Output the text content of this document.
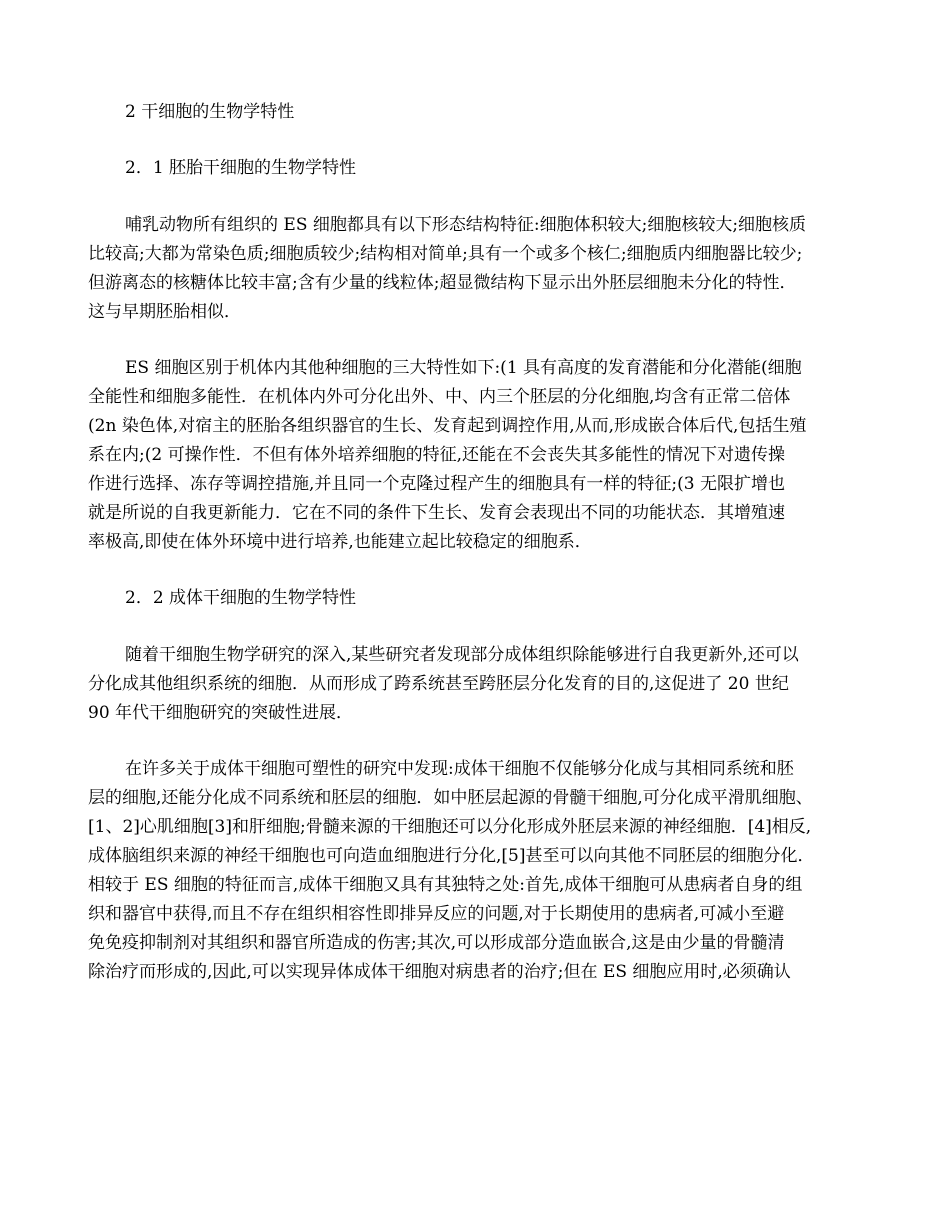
2 干细胞的生物学特性
2．1 胚胎干细胞的生物学特性
哺乳动物所有组织的 ES 细胞都具有以下形态结构特征:细胞体积较大;细胞核较大;细胞核质
比较高;大都为常染色质;细胞质较少;结构相对简单;具有一个或多个核仁;细胞质内细胞器比较少;
但游离态的核糖体比较丰富;含有少量的线粒体;超显微结构下显示出外胚层细胞未分化的特性．
这与早期胚胎相似．
ES 细胞区别于机体内其他种细胞的三大特性如下:(1 具有高度的发育潜能和分化潜能(细胞
全能性和细胞多能性．在机体内外可分化出外、中、内三个胚层的分化细胞,均含有正常二倍体
(2n 染色体,对宿主的胚胎各组织器官的生长、发育起到调控作用,从而,形成嵌合体后代,包括生殖
系在内;(2 可操作性．不但有体外培养细胞的特征,还能在不会丧失其多能性的情况下对遗传操
作进行选择、冻存等调控措施,并且同一个克隆过程产生的细胞具有一样的特征;(3 无限扩增也
就是所说的自我更新能力．它在不同的条件下生长、发育会表现出不同的功能状态．其增殖速
率极高,即使在体外环境中进行培养,也能建立起比较稳定的细胞系．
2．2 成体干细胞的生物学特性
随着干细胞生物学研究的深入,某些研究者发现部分成体组织除能够进行自我更新外,还可以
分化成其他组织系统的细胞．从而形成了跨系统甚至跨胚层分化发育的目的,这促进了 20 世纪
90 年代干细胞研究的突破性进展．
在许多关于成体干细胞可塑性的研究中发现:成体干细胞不仅能够分化成与其相同系统和胚
层的细胞,还能分化成不同系统和胚层的细胞．如中胚层起源的骨髓干细胞,可分化成平滑肌细胞、
[1、2]心肌细胞[3]和肝细胞;骨髓来源的干细胞还可以分化形成外胚层来源的神经细胞．[4]相反,
成体脑组织来源的神经干细胞也可向造血细胞进行分化,[5]甚至可以向其他不同胚层的细胞分化．
相较于 ES 细胞的特征而言,成体干细胞又具有其独特之处:首先,成体干细胞可从患病者自身的组
织和器官中获得,而且不存在组织相容性即排异反应的问题,对于长期使用的患病者,可减小至避
免免疫抑制剂对其组织和器官所造成的伤害;其次,可以形成部分造血嵌合,这是由少量的骨髓清
除治疗而形成的,因此,可以实现异体成体干细胞对病患者的治疗;但在 ES 细胞应用时,必须确认
